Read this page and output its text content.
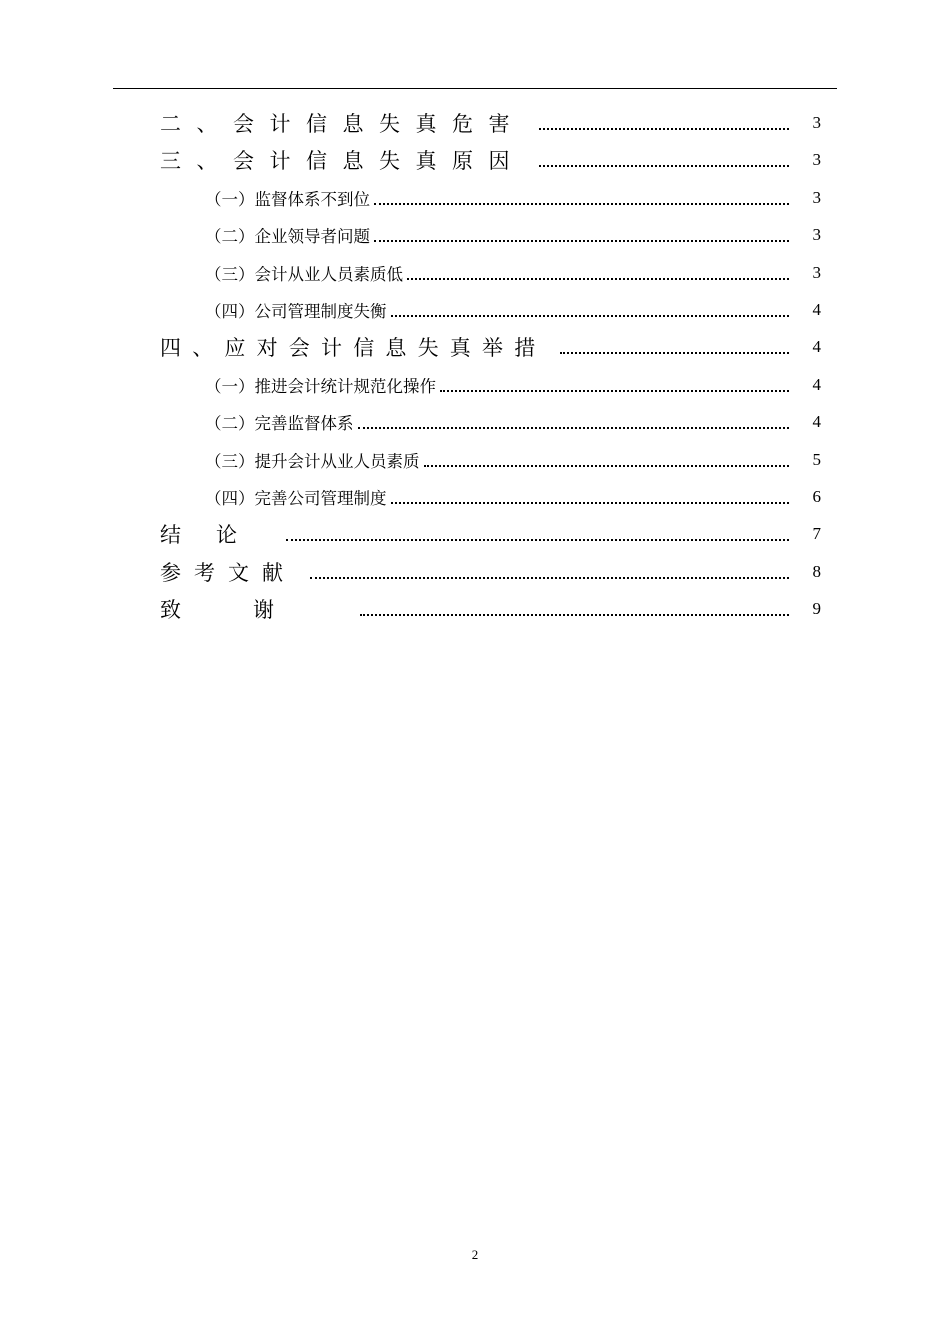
二、会计信息失真危害	3
三、会计信息失真原因	3
（一）监督体系不到位	3
（二）企业领导者问题	3
（三）会计从业人员素质低	3
（四）公司管理制度失衡	4
四、应对会计信息失真举措	4
（一）推进会计统计规范化操作	4
（二）完善监督体系	4
（三）提升会计从业人员素质	5
（四）完善公司管理制度	6
结论	7
参考文献	8
致谢	9
2
